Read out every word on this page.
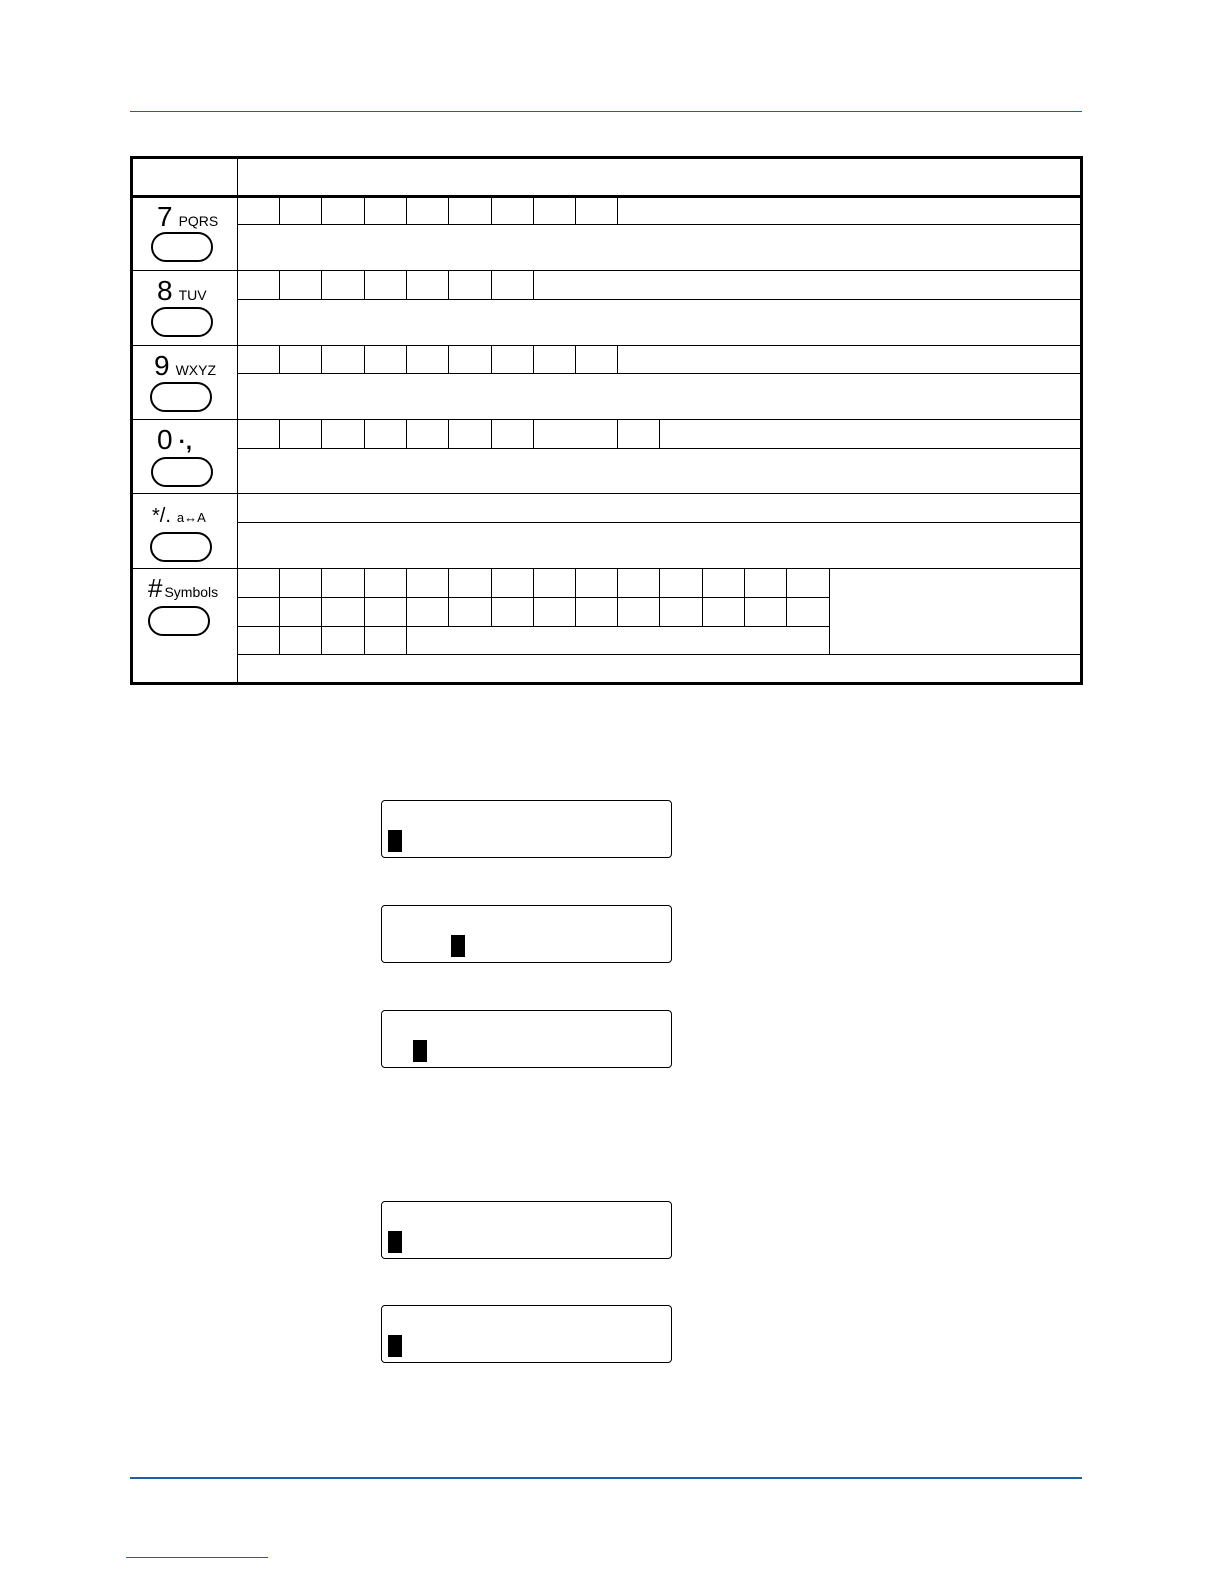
7 PQRS
8 TUV
9 WXYZ
0 ·,
*/. a↔A
# Symbols
